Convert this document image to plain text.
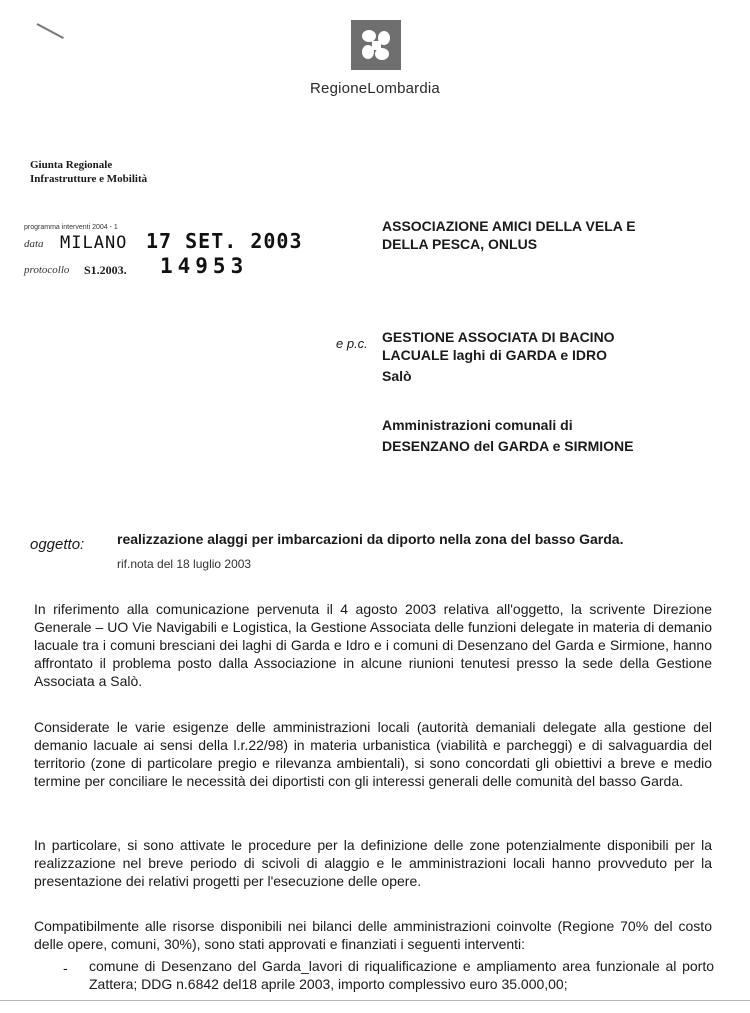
RegioneLombardia
Giunta Regionale
Infrastrutture e Mobilità
programma interventi 2004 - 1
data MILANO 17 SET. 2003
protocollo S1.2003. 14953
ASSOCIAZIONE AMICI DELLA VELA E
DELLA PESCA, ONLUS
e p.c. GESTIONE ASSOCIATA DI BACINO
LACUALE laghi di GARDA e IDRO
Salò
Amministrazioni comunali di
DESENZANO del GARDA e SIRMIONE
oggetto: realizzazione alaggi per imbarcazioni da diporto nella zona del basso Garda.
rif.nota del 18 luglio 2003
In riferimento alla comunicazione pervenuta il 4 agosto 2003 relativa all'oggetto, la scrivente Direzione Generale – UO Vie Navigabili e Logistica, la Gestione Associata delle funzioni delegate in materia di demanio lacuale tra i comuni bresciani dei laghi di Garda e Idro e i comuni di Desenzano del Garda e Sirmione, hanno affrontato il problema posto dalla Associazione in alcune riunioni tenutesi presso la sede della Gestione Associata a Salò.
Considerate le varie esigenze delle amministrazioni locali (autorità demaniali delegate alla gestione del demanio lacuale ai sensi della l.r.22/98) in materia urbanistica (viabilità e parcheggi) e di salvaguardia del territorio (zone di particolare pregio e rilevanza ambientali), si sono concordati gli obiettivi a breve e medio termine per conciliare le necessità dei diportisti con gli interessi generali delle comunità del basso Garda.
In particolare, si sono attivate le procedure per la definizione delle zone potenzialmente disponibili per la realizzazione nel breve periodo di scivoli di alaggio e le amministrazioni locali hanno provveduto per la presentazione dei relativi progetti per l'esecuzione delle opere.
Compatibilmente alle risorse disponibili nei bilanci delle amministrazioni coinvolte (Regione 70% del costo delle opere, comuni, 30%), sono stati approvati e finanziati i seguenti interventi:
- comune di Desenzano del Garda_lavori di riqualificazione e ampliamento area funzionale al porto Zattera; DDG n.6842 del18 aprile 2003, importo complessivo euro 35.000,00;
